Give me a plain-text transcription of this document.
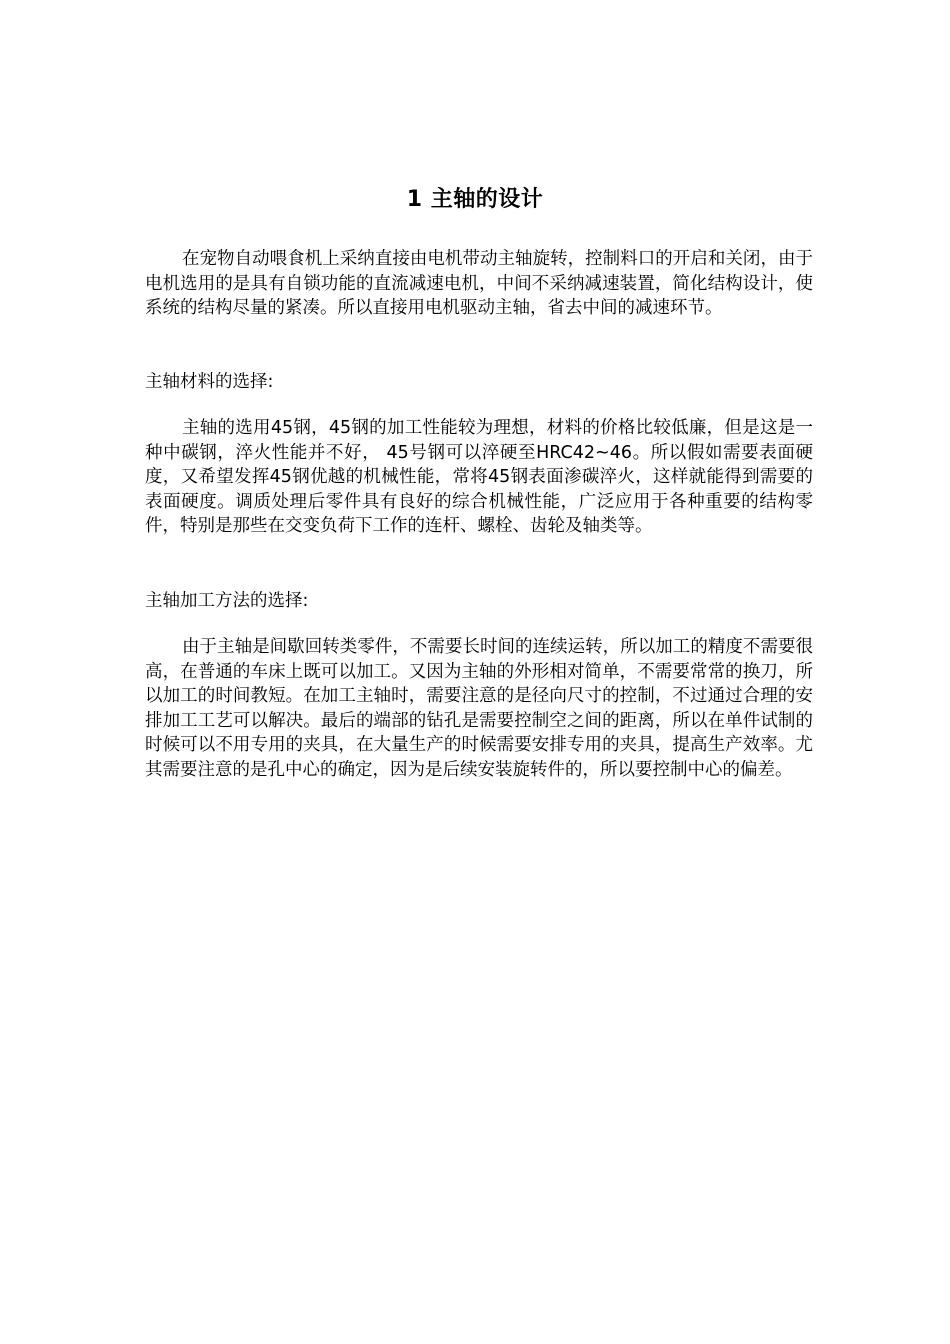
1 主轴的设计

在宠物自动喂食机上采纳直接由电机带动主轴旋转，控制料口的开启和关闭，由于电机选用的是具有自锁功能的直流减速电机，中间不采纳减速装置，简化结构设计，使系统的结构尽量的紧凑。所以直接用电机驱动主轴，省去中间的减速环节。

主轴材料的选择:

主轴的选用45钢，45钢的加工性能较为理想，材料的价格比较低廉，但是这是一种中碳钢，淬火性能并不好， 45号钢可以淬硬至HRC42~46。所以假如需要表面硬度，又希望发挥45钢优越的机械性能，常将45钢表面渗碳淬火，这样就能得到需要的表面硬度。调质处理后零件具有良好的综合机械性能，广泛应用于各种重要的结构零件，特别是那些在交变负荷下工作的连杆、螺栓、齿轮及轴类等。

主轴加工方法的选择:

由于主轴是间歇回转类零件，不需要长时间的连续运转，所以加工的精度不需要很高，在普通的车床上既可以加工。又因为主轴的外形相对简单，不需要常常的换刀，所以加工的时间教短。在加工主轴时，需要注意的是径向尺寸的控制，不过通过合理的安排加工工艺可以解决。最后的端部的钻孔是需要控制空之间的距离，所以在单件试制的时候可以不用专用的夹具，在大量生产的时候需要安排专用的夹具，提高生产效率。尤其需要注意的是孔中心的确定，因为是后续安装旋转件的，所以要控制中心的偏差。
